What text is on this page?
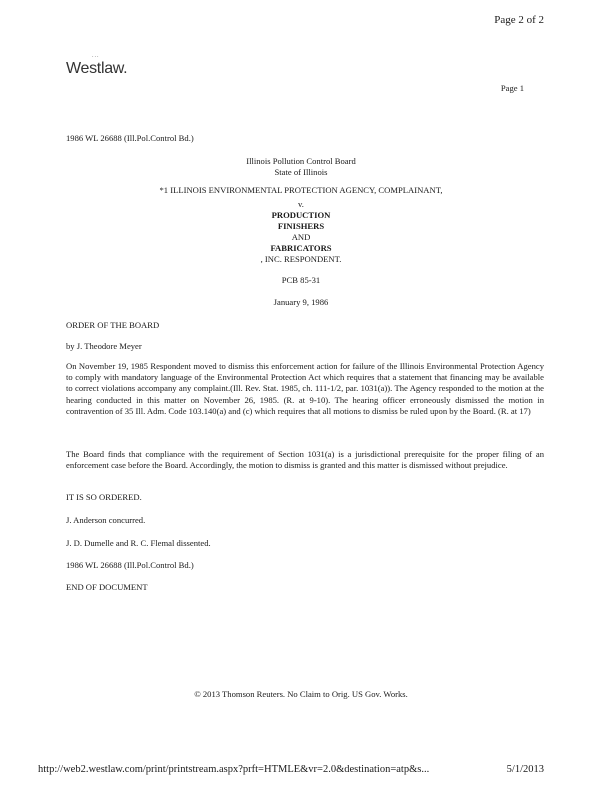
Page 2 of 2
...
Westlaw.
Page 1
1986 WL 26688 (Ill.Pol.Control Bd.)
Illinois Pollution Control Board
State of Illinois
*1 ILLINOIS ENVIRONMENTAL PROTECTION AGENCY, COMPLAINANT,
v.
PRODUCTION
FINISHERS
AND
FABRICATORS
, INC. RESPONDENT.
PCB 85-31
January 9, 1986
ORDER OF THE BOARD
by J. Theodore Meyer

On November 19, 1985 Respondent moved to dismiss this enforcement action for failure of the Illinois Environmental Protection Agency to comply with mandatory language of the Environmental Protection Act which requires that a statement that financing may be available to correct violations accompany any complaint.(Ill. Rev. Stat. 1985, ch. 111-1/2, par. 1031(a)). The Agency responded to the motion at the hearing conducted in this matter on November 26, 1985. (R. at 9-10). The hearing officer erroneously dismissed the motion in contravention of 35 Ill. Adm. Code 103.140(a) and (c) which requires that all motions to dismiss be ruled upon by the Board. (R. at 17)

The Board finds that compliance with the requirement of Section 1031(a) is a jurisdictional prerequisite for the proper filing of an enforcement case before the Board. Accordingly, the motion to dismiss is granted and this matter is dismissed without prejudice.

IT IS SO ORDERED.
J. Anderson concurred.
J. D. Dumelle and R. C. Flemal dissented.
1986 WL 26688 (Ill.Pol.Control Bd.)
END OF DOCUMENT
© 2013 Thomson Reuters. No Claim to Orig. US Gov. Works.
http://web2.westlaw.com/print/printstream.aspx?prft=HTMLE&vr=2.0&destination=atp&s...	5/1/2013
